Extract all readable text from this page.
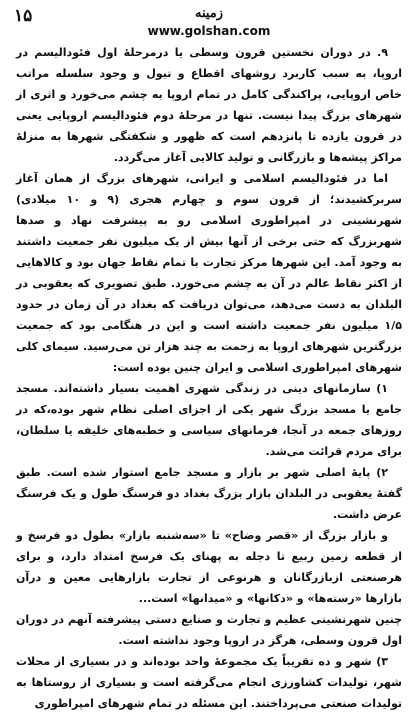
۱۵	زمینه
www.golshan.com

۹. در دوران نخستین قرون وسطی یا درمرحلهٔ اول فئودالیسم در اروپا، به سبب کاربرد روشهای اقطاع و تیول و وجود سلسله مراتب خاص اروپایی، پراکندگی کامل در تمام اروپا به چشم می‌خورد و اثری از شهرهای بزرگ پیدا نیست. تنها در مرحلهٔ دوم فئودالیسم اروپایی یعنی در قرون یازده تا پانزدهم است که ظهور و شکفتگی شهرها به منزلهٔ مراکز پیشه‌ها و بازرگانی و تولید کالایی آغاز می‌گردد.

اما در فئودالیسم اسلامی و ایرانی، شهرهای بزرگ از همان آغاز سربرکشیدند؛ از قرون سوم و چهارم هجری (۹ و ۱۰ میلادی) شهرنشینی در امپراطوری اسلامی رو به پیشرفت نهاد و صدها شهربزرگ که حتی برخی از آنها بیش از یک میلیون نفر جمعیت داشتند به وجود آمد. این شهرها مرکز تجارت با تمام نقاط جهان بود و کالاهایی از اکثر نقاط عالم در آن به چشم می‌خورد. طبق تصویری که یعقوبی در البلدان به دست می‌دهد، می‌توان دریافت که بغداد در آن زمان در حدود ۱/۵ میلیون نفر جمعیت داشته است و این در هنگامی بود که جمعیت بزرگترین شهرهای اروپا به زحمت به چند هزار تن می‌رسید. سیمای کلی شهرهای امپراطوری اسلامی و ایران چنین بوده است:

۱) سازمانهای دینی در زندگی شهری اهمیت بسیار داشته‌اند. مسجد جامع یا مسجد بزرگ شهر یکی از اجزای اصلی نظام شهر بوده،که در روزهای جمعه در آنجا، فرمانهای سیاسی و خطبه‌های خلیفه یا سلطان، برای مردم قرائت می‌شد.

۲) پایهٔ اصلی شهر بر بازار و مسجد جامع استوار شده است. طبق گفتهٔ یعقوبی در البلدان بازار بزرگ بغداد دو فرسنگ طول و یک فرسنگ عرض داشت.

و بازار بزرگ از «قصر وضاح» تا «سه‌شنبه بازار» بطول دو فرسخ و از قطعه زمین ربیع تا دجله به پهنای یک فرسخ امتداد دارد، و برای هرصنعتی ازبازرگانان و هرنوعی از تجارت بازارهایی معین و درآن بازارها «رسته‌ها» و «دکانها» و «میدانها» است...

چنین شهرنشینی عظیم و تجارت و صنایع دستی پیشرفته آنهم در دوران اول قرون وسطی، هرگز در اروپا وجود نداشته است.

۳) شهر و ده تقریباً یک مجموعهٔ واحد بوده‌اند و در بسیاری از محلات شهر، تولیدات کشاورزی انجام می‌گرفته است و بسیاری از روستاها به تولیدات صنعتی می‌پرداختند. این مسئله در تمام شهرهای امپراطوری
